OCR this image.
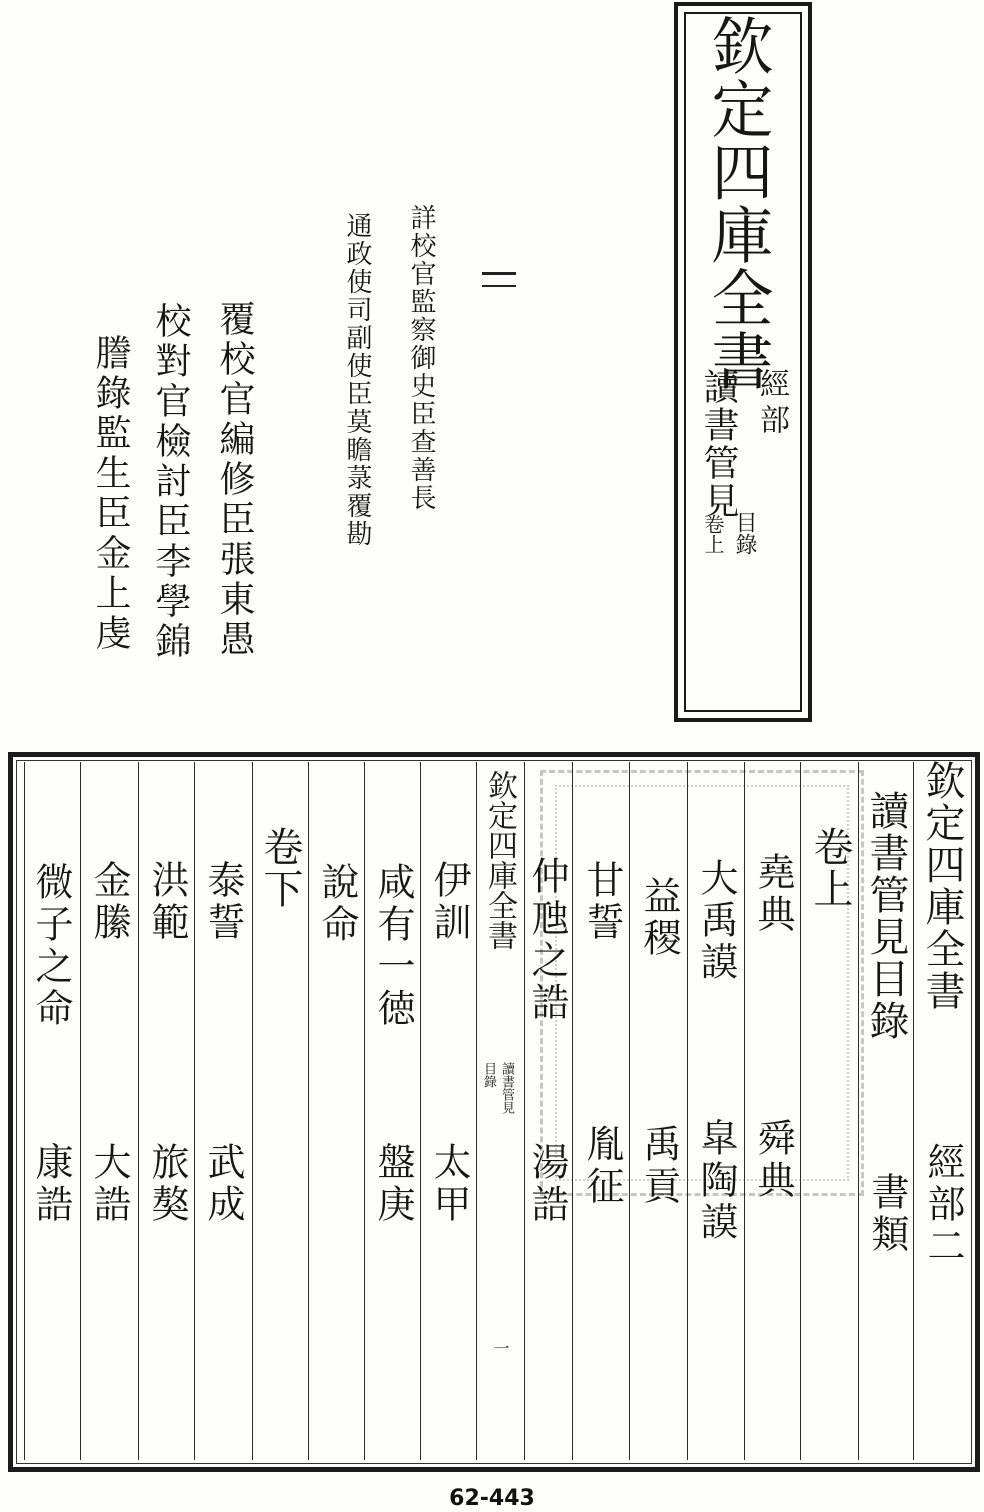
欽定四庫全書
經部
讀書管見
目錄
卷上
詳校官監察御史臣查善長
通政使司副使臣莫瞻菉覆勘
覆校官編修臣張東愚
校對官檢討臣李學錦
謄錄監生臣金上虔
欽定四庫全書
經部二
讀書管見目錄
書類
卷上
堯典
舜典
大禹謨
皐陶謨
益稷
禹貢
甘誓
胤征
仲虺之誥
湯誥
欽定四庫全書
讀書管見
目錄
一
伊訓
太甲
咸有一徳
盤庚
說命
卷下
泰誓
武成
洪範
旅獒
金縢
大誥
微子之命
康誥
62-443
